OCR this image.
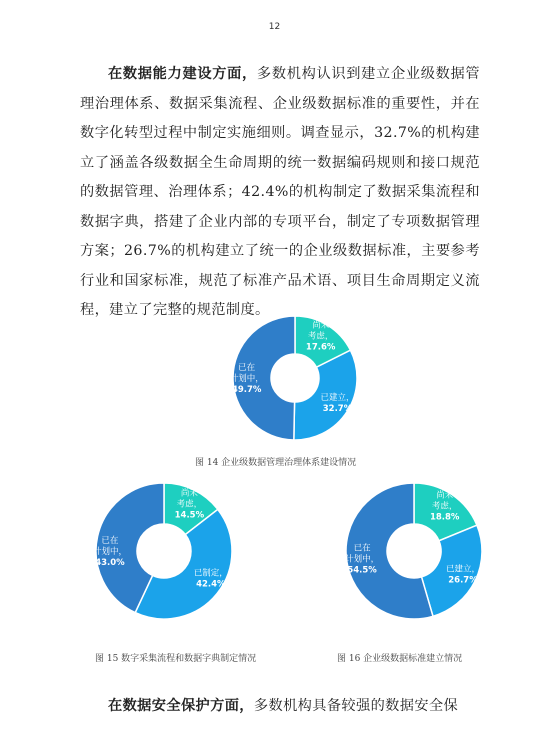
12

在数据能力建设方面，多数机构认识到建立企业级数据管理治理体系、数据采集流程、企业级数据标准的重要性，并在数字化转型过程中制定实施细则。调查显示，32.7%的机构建立了涵盖各级数据全生命周期的统一数据编码规则和接口规范的数据管理、治理体系；42.4%的机构制定了数据采集流程和数据字典，搭建了企业内部的专项平台，制定了专项数据管理方案；26.7%的机构建立了统一的企业级数据标准，主要参考行业和国家标准，规范了标准产品术语、项目生命周期定义流程，建立了完整的规范制度。

尚未
考虑，
17.6%
已建立，
32.7%
已在
计划中，
49.7%
图 14 企业级数据管理治理体系建设情况
尚未
考虑，
14.5%
已制定，
42.4%
已在
计划中，
43.0%
图 15 数字采集流程和数据字典制定情况
尚未
考虑，
18.8%
已建立，
26.7%
已在
计划中，
54.5%
图 16 企业级数据标准建立情况

在数据安全保护方面，多数机构具备较强的数据安全保
